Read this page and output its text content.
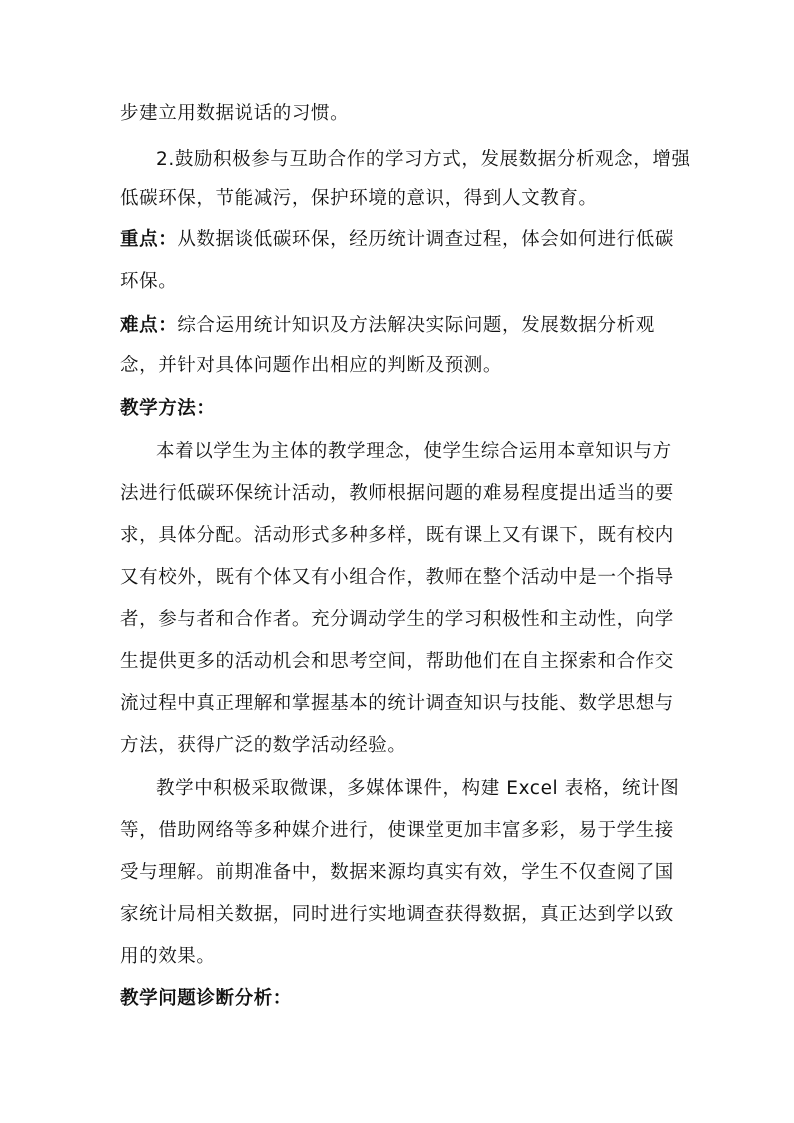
步建立用数据说话的习惯。
2.鼓励积极参与互助合作的学习方式，发展数据分析观念，增强
低碳环保，节能减污，保护环境的意识，得到人文教育。
重点：从数据谈低碳环保，经历统计调查过程，体会如何进行低碳
环保。
难点：综合运用统计知识及方法解决实际问题，发展数据分析观
念，并针对具体问题作出相应的判断及预测。
教学方法：
本着以学生为主体的教学理念，使学生综合运用本章知识与方
法进行低碳环保统计活动，教师根据问题的难易程度提出适当的要
求，具体分配。活动形式多种多样，既有课上又有课下，既有校内
又有校外，既有个体又有小组合作，教师在整个活动中是一个指导
者，参与者和合作者。充分调动学生的学习积极性和主动性，向学
生提供更多的活动机会和思考空间，帮助他们在自主探索和合作交
流过程中真正理解和掌握基本的统计调查知识与技能、数学思想与
方法，获得广泛的数学活动经验。
教学中积极采取微课，多媒体课件，构建 Excel 表格，统计图
等，借助网络等多种媒介进行，使课堂更加丰富多彩，易于学生接
受与理解。前期准备中，数据来源均真实有效，学生不仅查阅了国
家统计局相关数据，同时进行实地调查获得数据，真正达到学以致
用的效果。
教学问题诊断分析：
